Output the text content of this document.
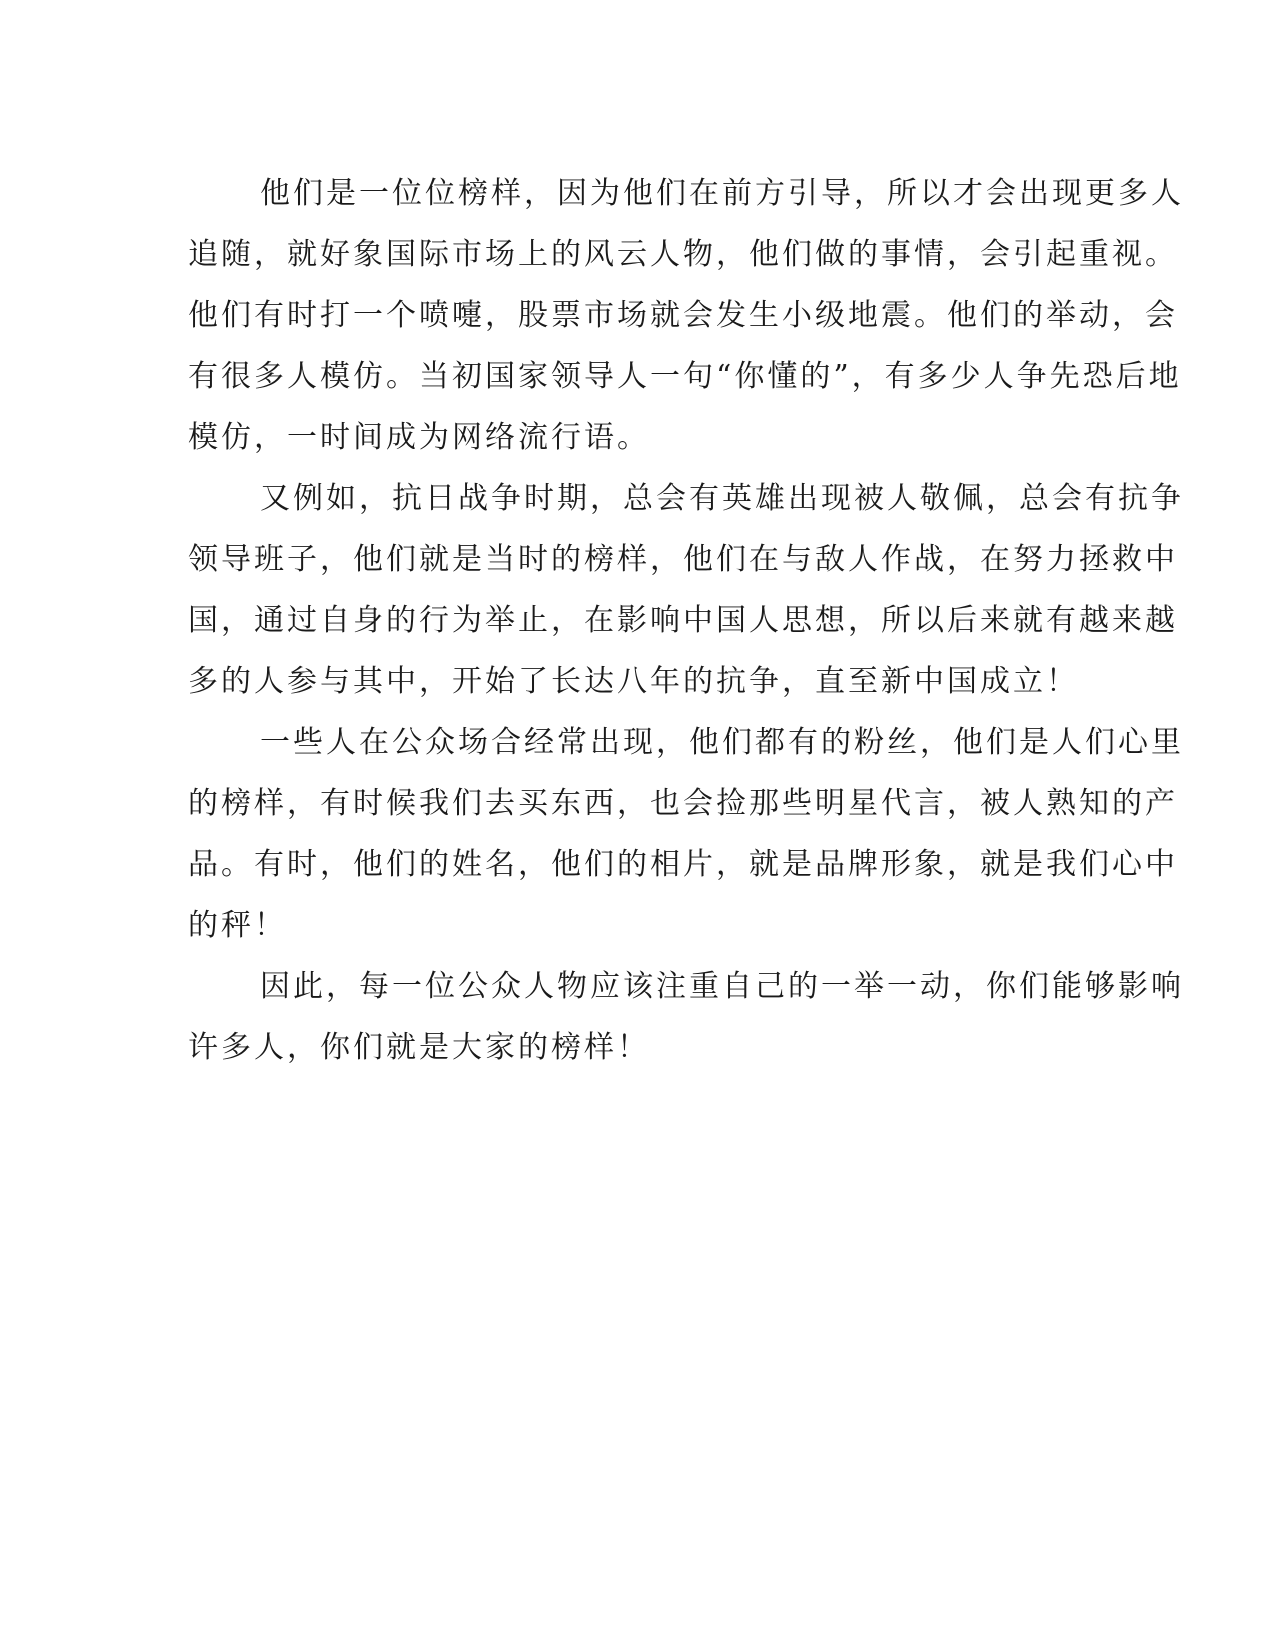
他们是一位位榜样，因为他们在前方引导，所以才会出现更多人
追随，就好象国际市场上的风云人物，他们做的事情，会引起重视。
他们有时打一个喷嚏，股票市场就会发生小级地震。他们的举动，会
有很多人模仿。当初国家领导人一句“你懂的”，有多少人争先恐后地
模仿，一时间成为网络流行语。
又例如，抗日战争时期，总会有英雄出现被人敬佩，总会有抗争
领导班子，他们就是当时的榜样，他们在与敌人作战，在努力拯救中
国，通过自身的行为举止，在影响中国人思想，所以后来就有越来越
多的人参与其中，开始了长达八年的抗争，直至新中国成立！
一些人在公众场合经常出现，他们都有的粉丝，他们是人们心里
的榜样，有时候我们去买东西，也会捡那些明星代言，被人熟知的产
品。有时，他们的姓名，他们的相片，就是品牌形象，就是我们心中
的秤！
因此，每一位公众人物应该注重自己的一举一动，你们能够影响
许多人，你们就是大家的榜样！
